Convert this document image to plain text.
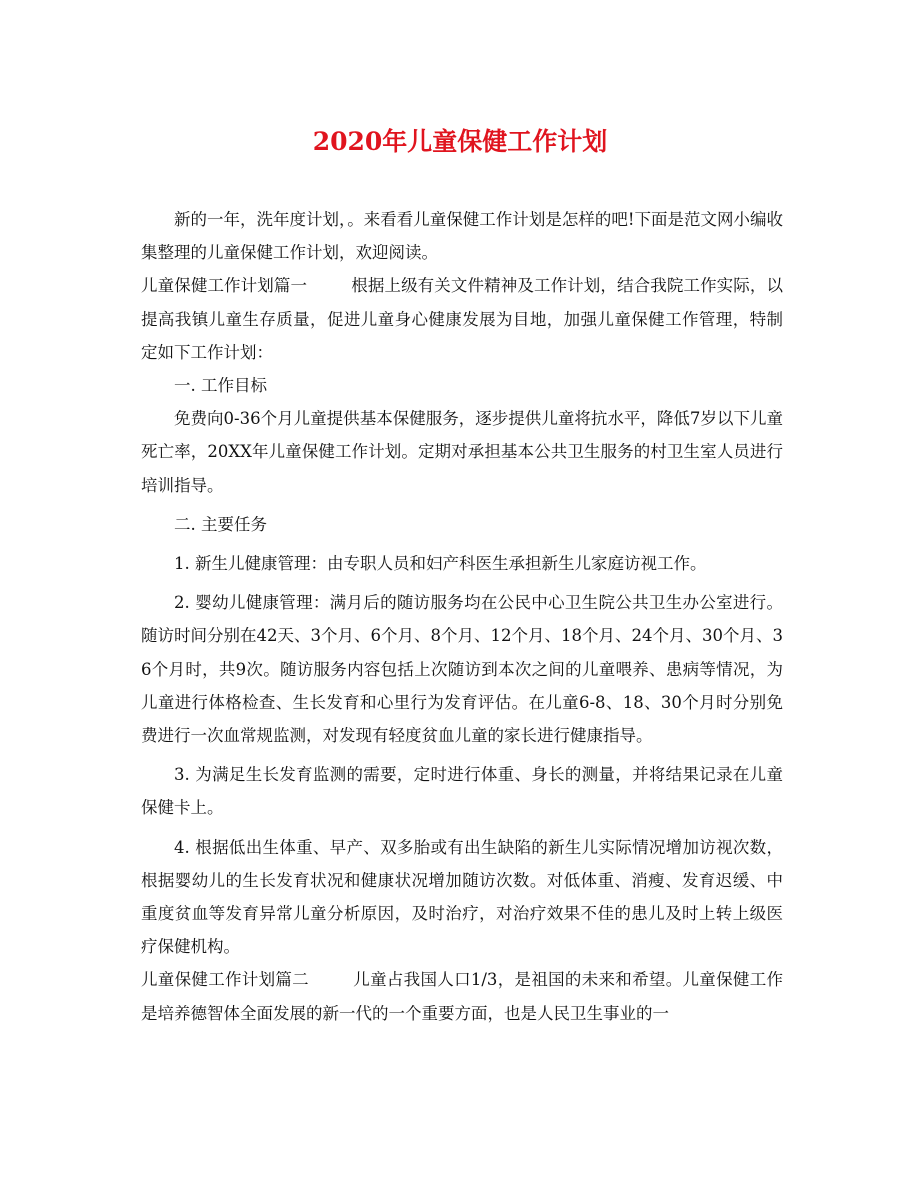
2020年儿童保健工作计划

新的一年，洗年度计划，。来看看儿童保健工作计划是怎样的吧!下面是范文网小编收集整理的儿童保健工作计划，欢迎阅读。

儿童保健工作计划篇一	根据上级有关文件精神及工作计划，结合我院工作实际，以提高我镇儿童生存质量，促进儿童身心健康发展为目地，加强儿童保健工作管理，特制定如下工作计划：

一. 工作目标

免费向0-36个月儿童提供基本保健服务，逐步提供儿童将抗水平，降低7岁以下儿童死亡率，20XX年儿童保健工作计划。定期对承担基本公共卫生服务的村卫生室人员进行培训指导。

二. 主要任务

1. 新生儿健康管理：由专职人员和妇产科医生承担新生儿家庭访视工作。

2. 婴幼儿健康管理：满月后的随访服务均在公民中心卫生院公共卫生办公室进行。随访时间分别在42天、3个月、6个月、8个月、12个月、18个月、24个月、30个月、36个月时，共9次。随访服务内容包括上次随访到本次之间的儿童喂养、患病等情况，为儿童进行体格检查、生长发育和心里行为发育评估。在儿童6-8、18、30个月时分别免费进行一次血常规监测，对发现有轻度贫血儿童的家长进行健康指导。

3. 为满足生长发育监测的需要，定时进行体重、身长的测量，并将结果记录在儿童保健卡上。

4. 根据低出生体重、早产、双多胎或有出生缺陷的新生儿实际情况增加访视次数，根据婴幼儿的生长发育状况和健康状况增加随访次数。对低体重、消瘦、发育迟缓、中重度贫血等发育异常儿童分析原因，及时治疗，对治疗效果不佳的患儿及时上转上级医疗保健机构。

儿童保健工作计划篇二	儿童占我国人口1/3，是祖国的未来和希望。儿童保健工作是培养德智体全面发展的新一代的一个重要方面，也是人民卫生事业的一
